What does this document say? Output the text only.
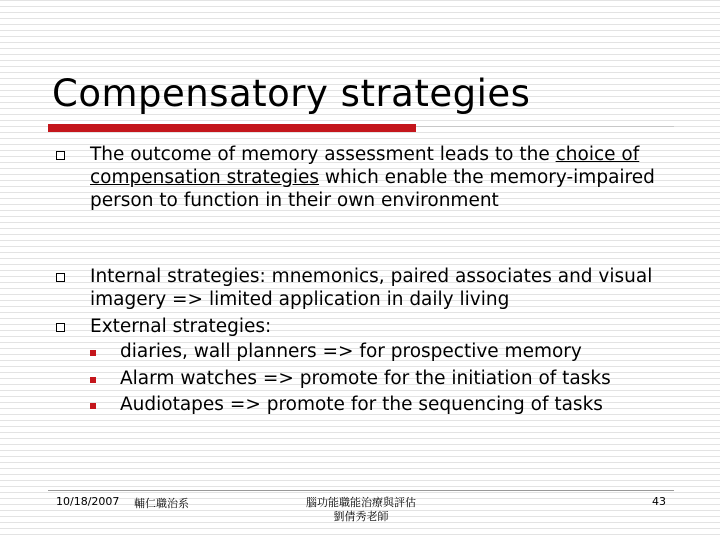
Compensatory strategies
The outcome of memory assessment leads to the choice of compensation strategies which enable the memory-impaired person to function in their own environment
Internal strategies: mnemonics, paired associates and visual imagery => limited application in daily living
External strategies:
diaries, wall planners => for prospective memory
Alarm watches => promote for the initiation of tasks
Audiotapes => promote for the sequencing of tasks
10/18/2007 輔仁職治系	腦功能職能治療與評估
劉倩秀老師
43
